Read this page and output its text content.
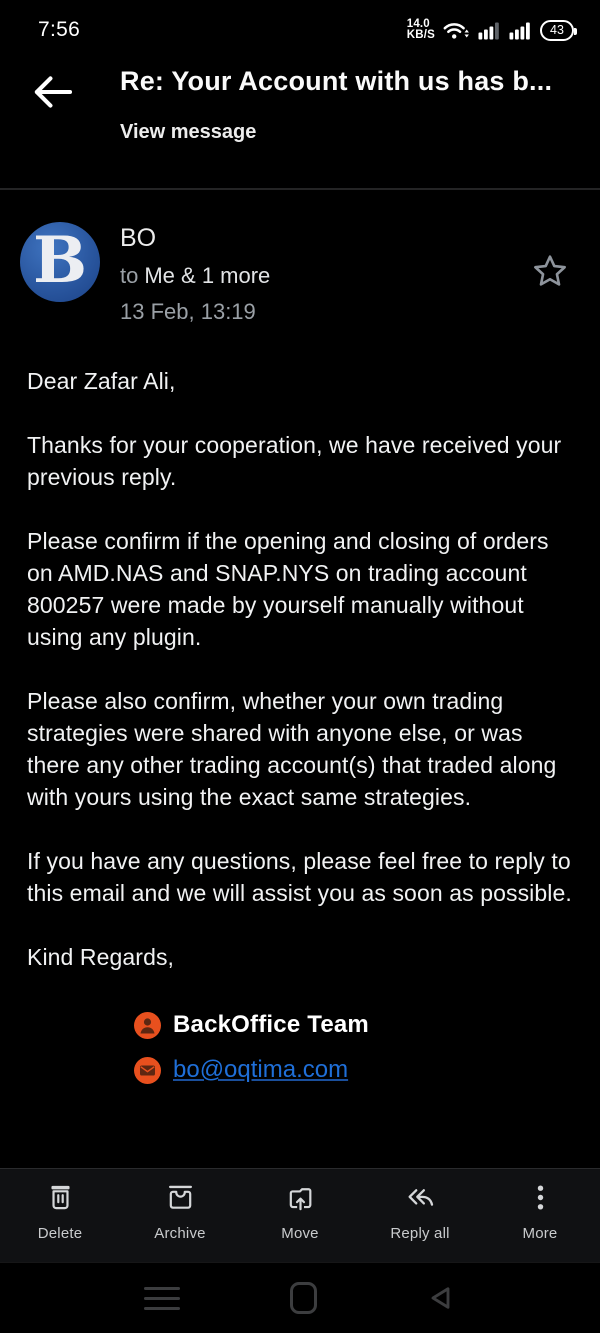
7:56	14.0
KB/S	43
Re: Your Account with us has b...
View message
B BO
to Me & 1 more
13 Feb, 13:19

Dear Zafar Ali,

Thanks for your cooperation, we have received your previous reply.

Please confirm if the opening and closing of orders on AMD.NAS and SNAP.NYS on trading account 800257 were made by yourself manually without using any plugin.

Please also confirm, whether your own trading strategies were shared with anyone else, or was there any other trading account(s) that traded along with yours using the exact same strategies.

If you have any questions, please feel free to reply to this email and we will assist you as soon as possible.

Kind Regards,

BackOffice Team
bo@oqtima.com
Delete	Archive	Move	Reply all	More
